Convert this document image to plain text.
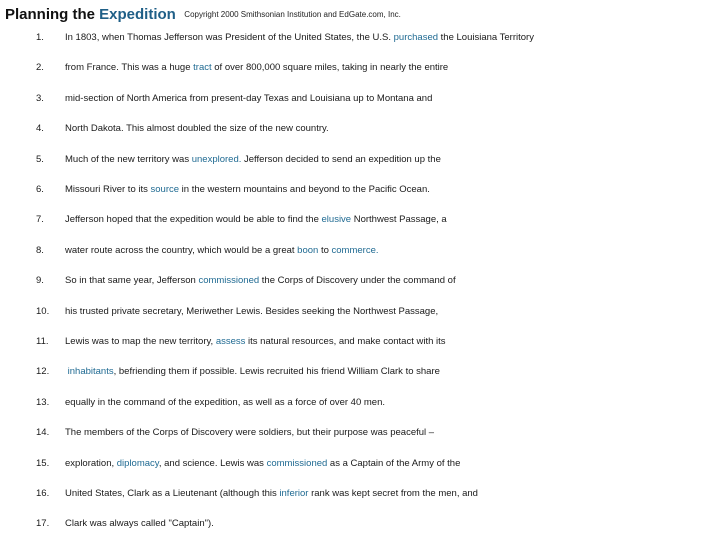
Planning the Expedition Copyright 2000 Smithsonian Institution and EdGate.com, Inc.
1.	In 1803, when Thomas Jefferson was President of the United States, the U.S. purchased the Louisiana Territory
2.	from France. This was a huge tract of over 800,000 square miles, taking in nearly the entire
3.	mid-section of North America from present-day Texas and Louisiana up to Montana and
4.	North Dakota. This almost doubled the size of the new country.
5.	Much of the new territory was unexplored. Jefferson decided to send an expedition up the
6.	Missouri River to its source in the western mountains and beyond to the Pacific Ocean.
7.	Jefferson hoped that the expedition would be able to find the elusive Northwest Passage, a
8.	water route across the country, which would be a great boon to commerce.
9.	So in that same year, Jefferson commissioned the Corps of Discovery under the command of
10.	his trusted private secretary, Meriwether Lewis. Besides seeking the Northwest Passage,
11.	Lewis was to map the new territory, assess its natural resources, and make contact with its
12.	inhabitants, befriending them if possible. Lewis recruited his friend William Clark to share
13.	equally in the command of the expedition, as well as a force of over 40 men.
14.	The members of the Corps of Discovery were soldiers, but their purpose was peaceful –
15.	exploration, diplomacy, and science. Lewis was commissioned as a Captain of the Army of the
16.	United States, Clark as a Lieutenant (although this inferior rank was kept secret from the men, and
17.	Clark was always called "Captain").
